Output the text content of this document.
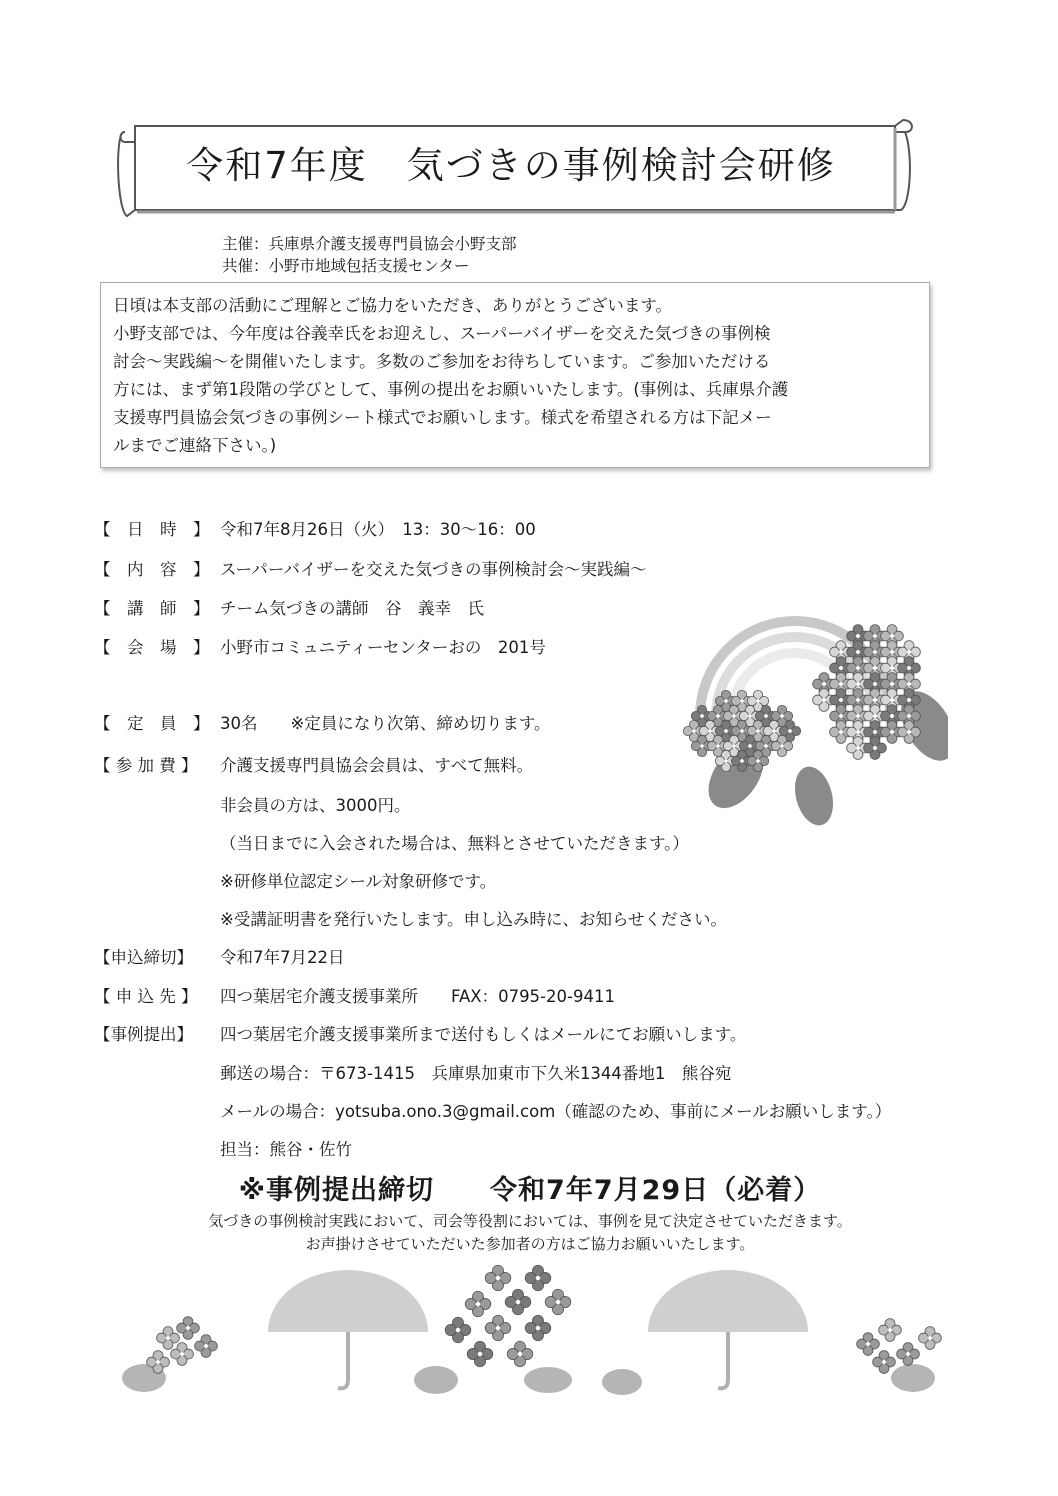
令和7年度　気づきの事例検討会研修
主催：兵庫県介護支援専門員協会小野支部
共催：小野市地域包括支援センター

日頃は本支部の活動にご理解とご協力をいただき、ありがとうございます。

小野支部では、今年度は谷義幸氏をお迎えし、スーパーバイザーを交えた気づきの事例検

討会～実践編～を開催いたします。多数のご参加をお待ちしています。ご参加いただける

方には、まず第1段階の学びとして、事例の提出をお願いいたします。(事例は、兵庫県介護

支援専門員協会気づきの事例シート様式でお願いします。様式を希望される方は下記メー

ルまでご連絡下さい。)

【　日　時　】 令和7年8月26日（火）　13：30～16：00
【　内　容　】 スーパーバイザーを交えた気づきの事例検討会～実践編～
【　講　師　】 チーム気づきの講師　谷　義幸　氏
【　会　場　】 小野市コミュニティーセンターおの　201号
【　定　員　】 30名　　※定員になり次第、締め切ります。
【 参 加 費 】 介護支援専門員協会会員は、すべて無料。
非会員の方は、3000円。
（当日までに入会された場合は、無料とさせていただきます。）
※研修単位認定シール対象研修です。
※受講証明書を発行いたします。申し込み時に、お知らせください。
【申込締切】 令和7年7月22日
【 申 込 先 】 四つ葉居宅介護支援事業所　　FAX：0795-20-9411
【事例提出】 四つ葉居宅介護支援事業所まで送付もしくはメールにてお願いします。
郵送の場合：〒673-1415　兵庫県加東市下久米1344番地1　熊谷宛
メールの場合：yotsuba.ono.3@gmail.com（確認のため、事前にメールお願いします。）
担当：熊谷・佐竹
※事例提出締切　　令和7年7月29日（必着）
気づきの事例検討実践において、司会等役割においては、事例を見て決定させていただきます。
お声掛けさせていただいた参加者の方はご協力お願いいたします。
